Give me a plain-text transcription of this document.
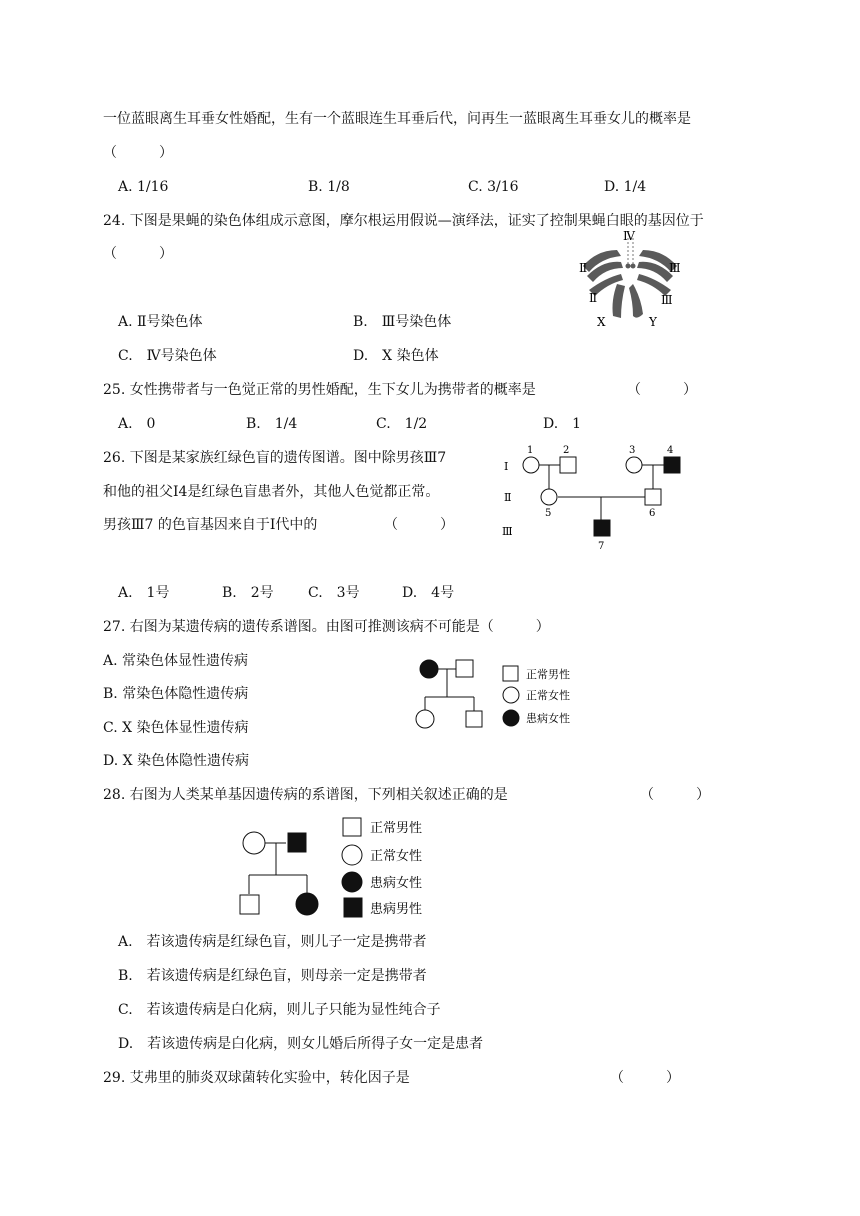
一位蓝眼离生耳垂女性婚配，生有一个蓝眼连生耳垂后代，问再生一蓝眼离生耳垂女儿的概率是
（　　　）
A. 1/16	B. 1/8	C. 3/16	D. 1/4
24. 下图是果蝇的染色体组成示意图，摩尔根运用假说—演绎法，证实了控制果蝇白眼的基因位于
（　　　）
A. Ⅱ号染色体	B.　Ⅲ号染色体
C.　Ⅳ号染色体	D.　X 染色体
Ⅳ
Ⅱ
Ⅱ
Ⅲ
Ⅲ
X	Y
25. 女性携带者与一色觉正常的男性婚配，生下女儿为携带者的概率是	（　　　）
A.　0	B.　1/4	C.　1/2	D.　1
26. 下图是某家族红绿色盲的遗传图谱。图中除男孩Ⅲ7
和他的祖父Ⅰ4是红绿色盲患者外，其他人色觉都正常。
男孩Ⅲ7 的色盲基因来自于Ⅰ代中的	（　　　）
A.　1号	B.　2号 C.　3号	D.　4号
Ⅰ
Ⅱ
Ⅲ
1	2	3	4
5	6
7
27. 右图为某遗传病的遗传系谱图。由图可推测该病不可能是（　　　）
A. 常染色体显性遗传病
B. 常染色体隐性遗传病
C. X 染色体显性遗传病
D. X 染色体隐性遗传病
正常男性
正常女性
患病女性
28. 右图为人类某单基因遗传病的系谱图，下列相关叙述正确的是	（　　　）
正常男性
正常女性
患病女性
患病男性
A.　若该遗传病是红绿色盲，则儿子一定是携带者
B.　若该遗传病是红绿色盲，则母亲一定是携带者
C.　若该遗传病是白化病，则儿子只能为显性纯合子
D.　若该遗传病是白化病，则女儿婚后所得子女一定是患者
29. 艾弗里的肺炎双球菌转化实验中，转化因子是	（　　　）
